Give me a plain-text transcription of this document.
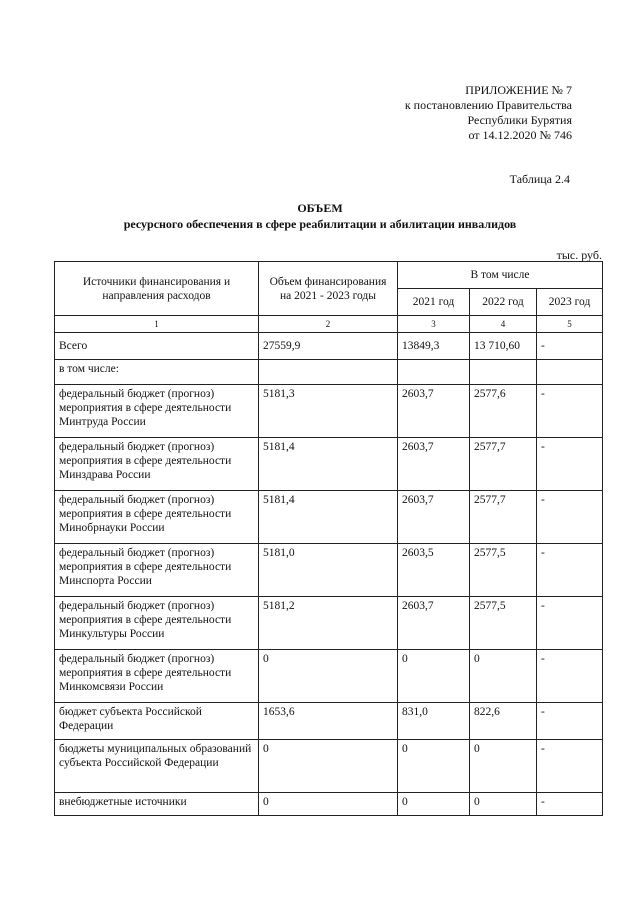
ПРИЛОЖЕНИЕ № 7
к постановлению Правительства
Республики Бурятия
от 14.12.2020 № 746
Таблица 2.4
ОБЪЕМ
ресурсного обеспечения в сфере реабилитации и абилитации инвалидов
тыс. руб.
Источники финансирования и направления расходов	Объем финансирования на 2021 - 2023 годы	В том числе		
		2021 год	2022 год	2023 год
1	2	3	4	5
Всего	27559,9	13849,3	13 710,60	-
в том числе:				
федеральный бюджет (прогноз) мероприятия в сфере деятельности Минтруда России	5181,3	2603,7	2577,6	-
федеральный бюджет (прогноз) мероприятия в сфере деятельности Минздрава России	5181,4	2603,7	2577,7	-
федеральный бюджет (прогноз) мероприятия в сфере деятельности Минобрнауки России	5181,4	2603,7	2577,7	-
федеральный бюджет (прогноз) мероприятия в сфере деятельности Минспорта России	5181,0	2603,5	2577,5	-
федеральный бюджет (прогноз) мероприятия в сфере деятельности Минкультуры России	5181,2	2603,7	2577,5	-
федеральный бюджет (прогноз) мероприятия в сфере деятельности Минкомсвязи России	0	0	0	-
бюджет субъекта Российской Федерации	1653,6	831,0	822,6	-
бюджеты муниципальных образований субъекта Российской Федерации	0	0	0	-
внебюджетные источники	0	0	0	-
